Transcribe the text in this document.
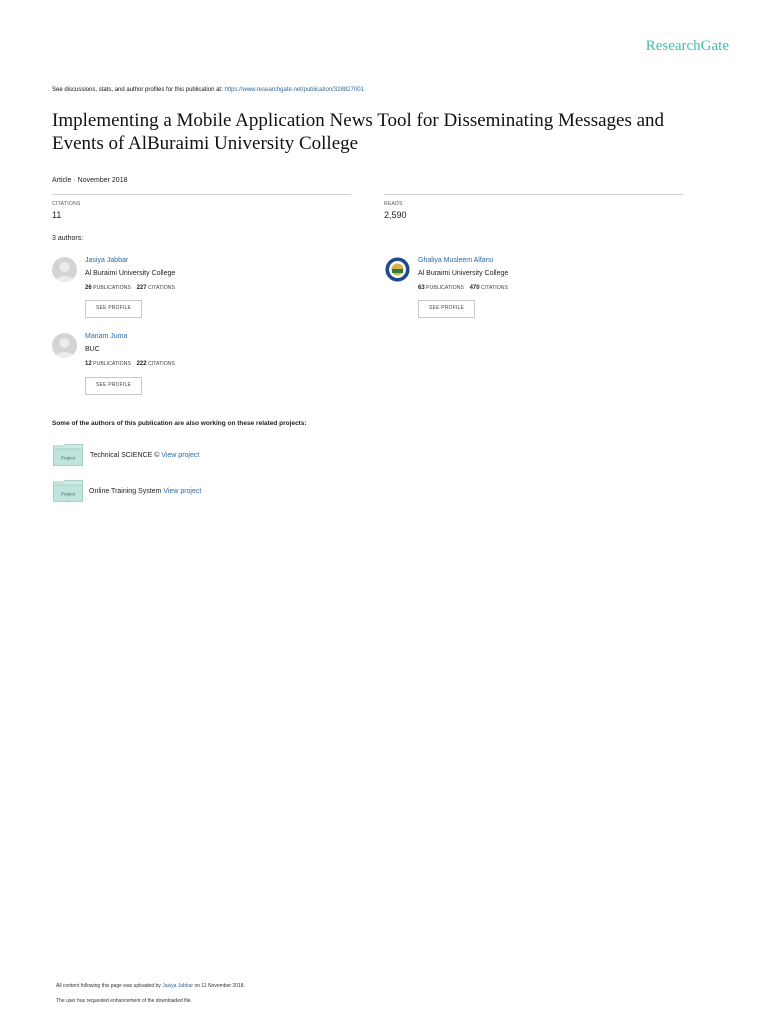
ResearchGate
See discussions, stats, and author profiles for this publication at: https://www.researchgate.net/publication/328827001
Implementing a Mobile Application News Tool for Disseminating Messages and Events of AlBuraimi University College
Article · November 2018
CITATIONS
11
READS
2,590
3 authors:
Jasiya Jabbar
Al Buraimi University College
26 PUBLICATIONS 227 CITATIONS
SEE PROFILE
Ghaliya Musleem Alfarsi
Al Buraimi University College
63 PUBLICATIONS 470 CITATIONS
SEE PROFILE
Mariam Juma
BUC
12 PUBLICATIONS 222 CITATIONS
SEE PROFILE
Some of the authors of this publication are also working on these related projects:
Project Technical SCIENCE © View project
Project Online Training System View project
All content following this page was uploaded by Jasiya Jabbar on 11 November 2018.
The user has requested enhancement of the downloaded file.
